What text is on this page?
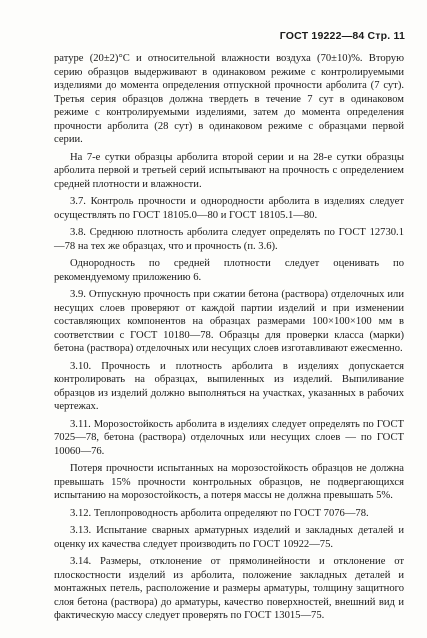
ГОСТ 19222—84 Стр. 11

ратуре (20±2)°С и относительной влажности воздуха (70±10)%. Вторую серию образцов выдерживают в одинаковом режиме с контролируемыми изделиями до момента определения отпускной прочности арболита (7 сут). Третья серия образцов должна твердеть в течение 7 сут в одинаковом режиме с контролируемыми изделиями, затем до момента определения прочности арболита (28 сут) в одинаковом режиме с образцами первой серии.

На 7-е сутки образцы арболита второй серии и на 28-е сутки образцы арболита первой и третьей серий испытывают на прочность с определением средней плотности и влажности.

3.7. Контроль прочности и однородности арболита в изделиях следует осуществлять по ГОСТ 18105.0—80 и ГОСТ 18105.1—80.

3.8. Среднюю плотность арболита следует определять по ГОСТ 12730.1—78 на тех же образцах, что и прочность (п. 3.6).

Однородность по средней плотности следует оценивать по рекомендуемому приложению 6.

3.9. Отпускную прочность при сжатии бетона (раствора) отделочных или несущих слоев проверяют от каждой партии изделий и при изменении составляющих компонентов на образцах размерами 100×100×100 мм в соответствии с ГОСТ 10180—78. Образцы для проверки класса (марки) бетона (раствора) отделочных или несущих слоев изготавливают ежесменно.

3.10. Прочность и плотность арболита в изделиях допускается контролировать на образцах, выпиленных из изделий. Выпиливание образцов из изделий должно выполняться на участках, указанных в рабочих чертежах.

3.11. Морозостойкость арболита в изделиях следует определять по ГОСТ 7025—78, бетона (раствора) отделочных или несущих слоев — по ГОСТ 10060—76.

Потеря прочности испытанных на морозостойкость образцов не должна превышать 15% прочности контрольных образцов, не подвергающихся испытанию на морозостойкость, а потеря массы не должна превышать 5%.

3.12. Теплопроводность арболита определяют по ГОСТ 7076—78.

3.13. Испытание сварных арматурных изделий и закладных деталей и оценку их качества следует производить по ГОСТ 10922—75.

3.14. Размеры, отклонение от прямолинейности и отклонение от плоскостности изделий из арболита, положение закладных деталей и монтажных петель, расположение и размеры арматуры, толщину защитного слоя бетона (раствора) до арматуры, качество поверхностей, внешний вид и фактическую массу следует проверять по ГОСТ 13015—75.
